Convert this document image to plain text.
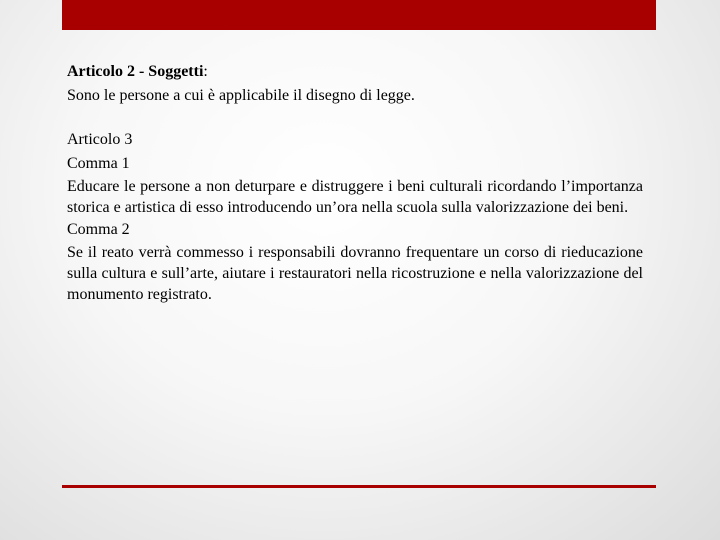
Articolo 2 - Soggetti:

Sono le persone a cui è applicabile il disegno di legge.

Articolo 3

Comma 1

Educare le persone a non deturpare e distruggere i beni culturali ricordando l’importanza storica e artistica di esso introducendo un’ora nella scuola sulla valorizzazione dei beni.

Comma 2

Se il reato verrà commesso i responsabili dovranno frequentare un corso di rieducazione sulla cultura e sull’arte, aiutare i restauratori nella ricostruzione e nella valorizzazione del monumento registrato.
